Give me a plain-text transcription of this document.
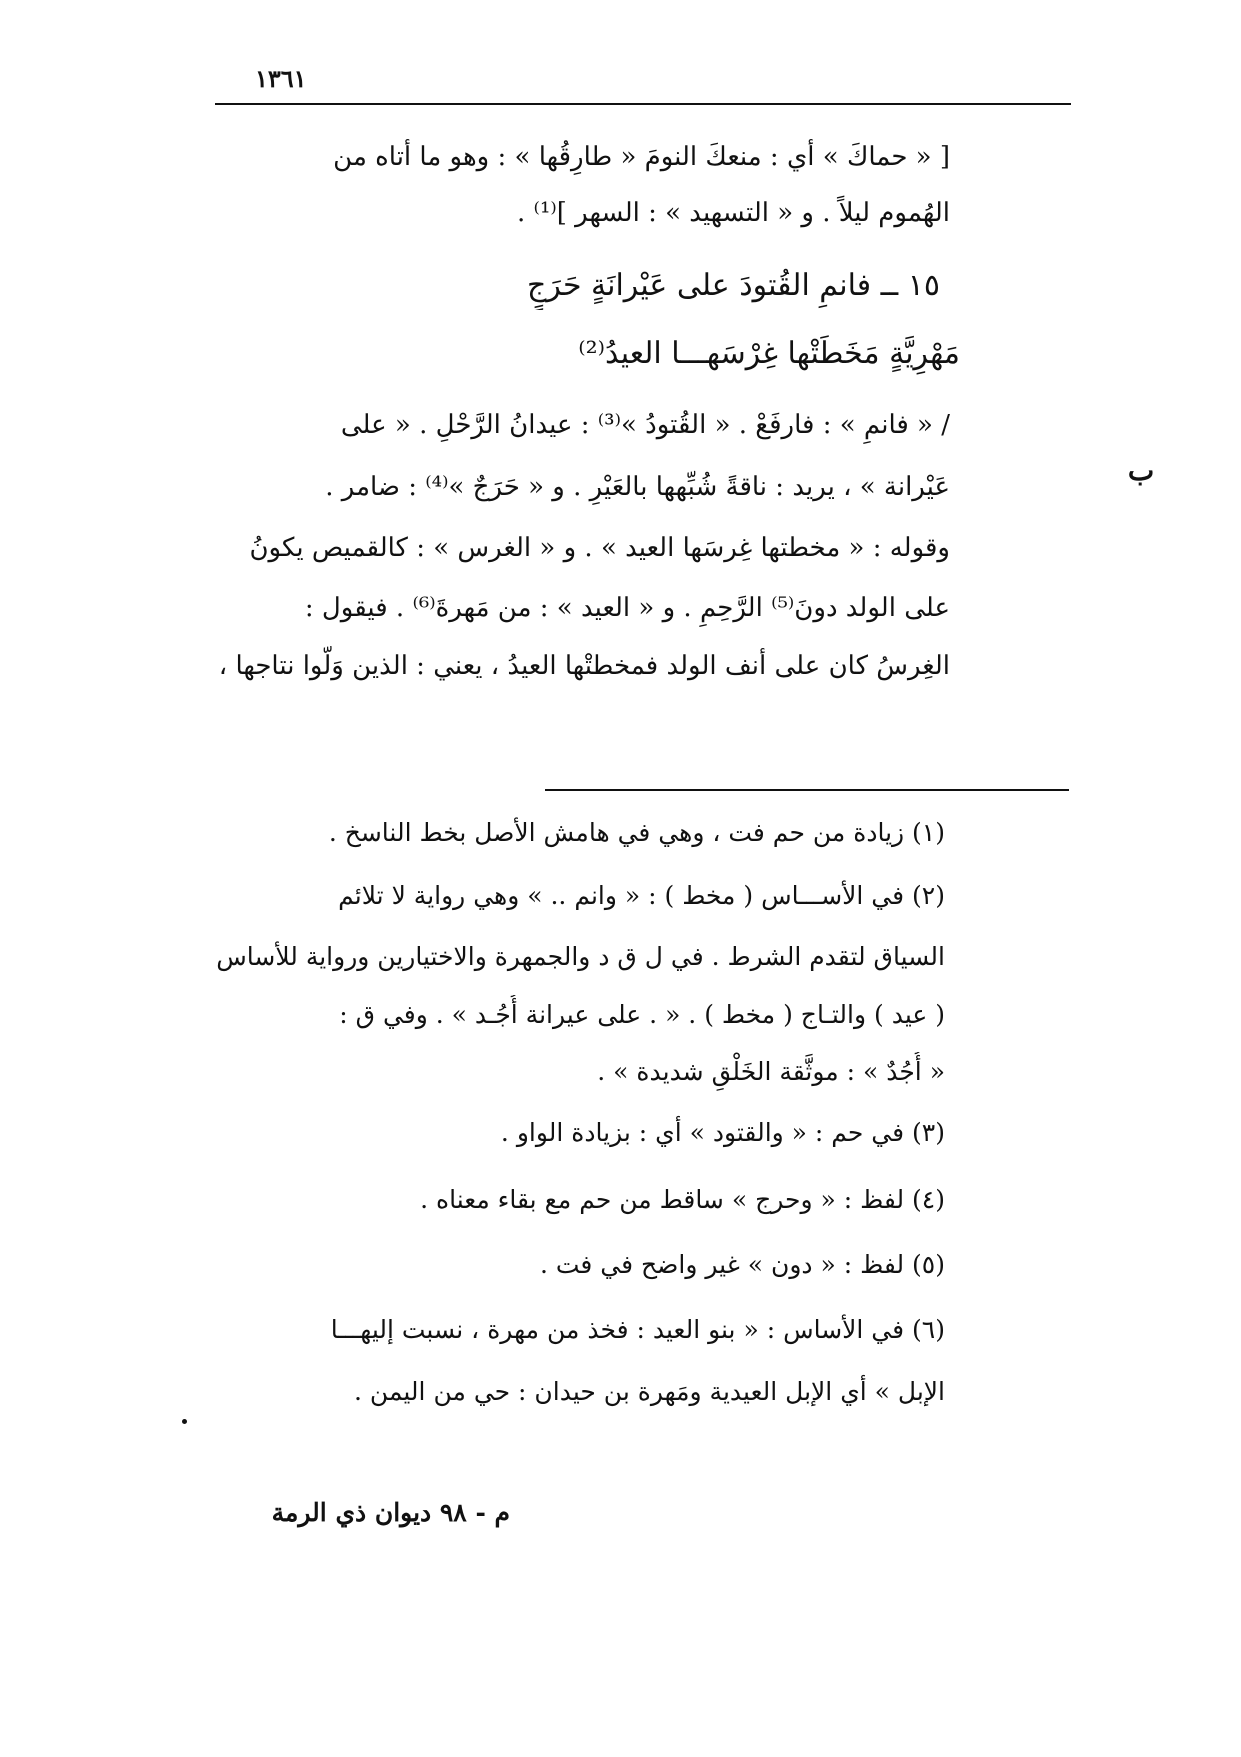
١٣٦١
[ « حماكَ » أي : منعكَ النومَ « طارِقُها » : وهو ما أتاه من
الهُموم ليلاً . و « التسهيد » : السهر ]⁽¹⁾ .
١٥ ــ فانمِ القُتودَ على عَيْرانَةٍ حَرَجٍ
مَهْرِيَّةٍ مَخَطَتْها غِرْسَهـــا العيدُ⁽²⁾
ب
/ « فانمِ » : فارفَعْ . « القُتودُ »⁽³⁾ : عيدانُ الرَّحْلِ . « على
عَيْرانة » ، يريد : ناقةً شُبِّهها بالعَيْرِ . و « حَرَجٌ »⁽⁴⁾ : ضامر .
وقوله : « مخطتها غِرسَها العيد » . و « الغرس » : كالقميص يكونُ
على الولد دونَ⁽⁵⁾ الرَّحِمِ . و « العيد » : من مَهرةَ⁽⁶⁾ . فيقول :
الغِرسُ كان على أنف الولد فمخطتْها العيدُ ، يعني : الذين وَلّوا نتاجها ،
(١) زيادة من حم فت ، وهي في هامش الأصل بخط الناسخ .
(٢) في الأســـاس ( مخط ) : « وانم .. » وهي رواية لا تلائم
السياق لتقدم الشرط . في ل ق د والجمهرة والاختيارين ورواية للأساس
( عيد ) والتـاج ( مخط ) . « . على عيرانة أُجُـد » . وفي ق :
« أُجُدٌ » : موثَّقة الخَلْقِ شديدة » .
(٣) في حم : « والقتود » أي : بزيادة الواو .
(٤) لفظ : « وحرج » ساقط من حم مع بقاء معناه .
(٥) لفظ : « دون » غير واضح في فت .
(٦) في الأساس : « بنو العيد : فخذ من مهرة ، نسبت إليهـــا
الإبل » أي الإبل العيدية ومَهرة بن حيدان : حي من اليمن .
م - ٩٨ ديوان ذي الرمة
